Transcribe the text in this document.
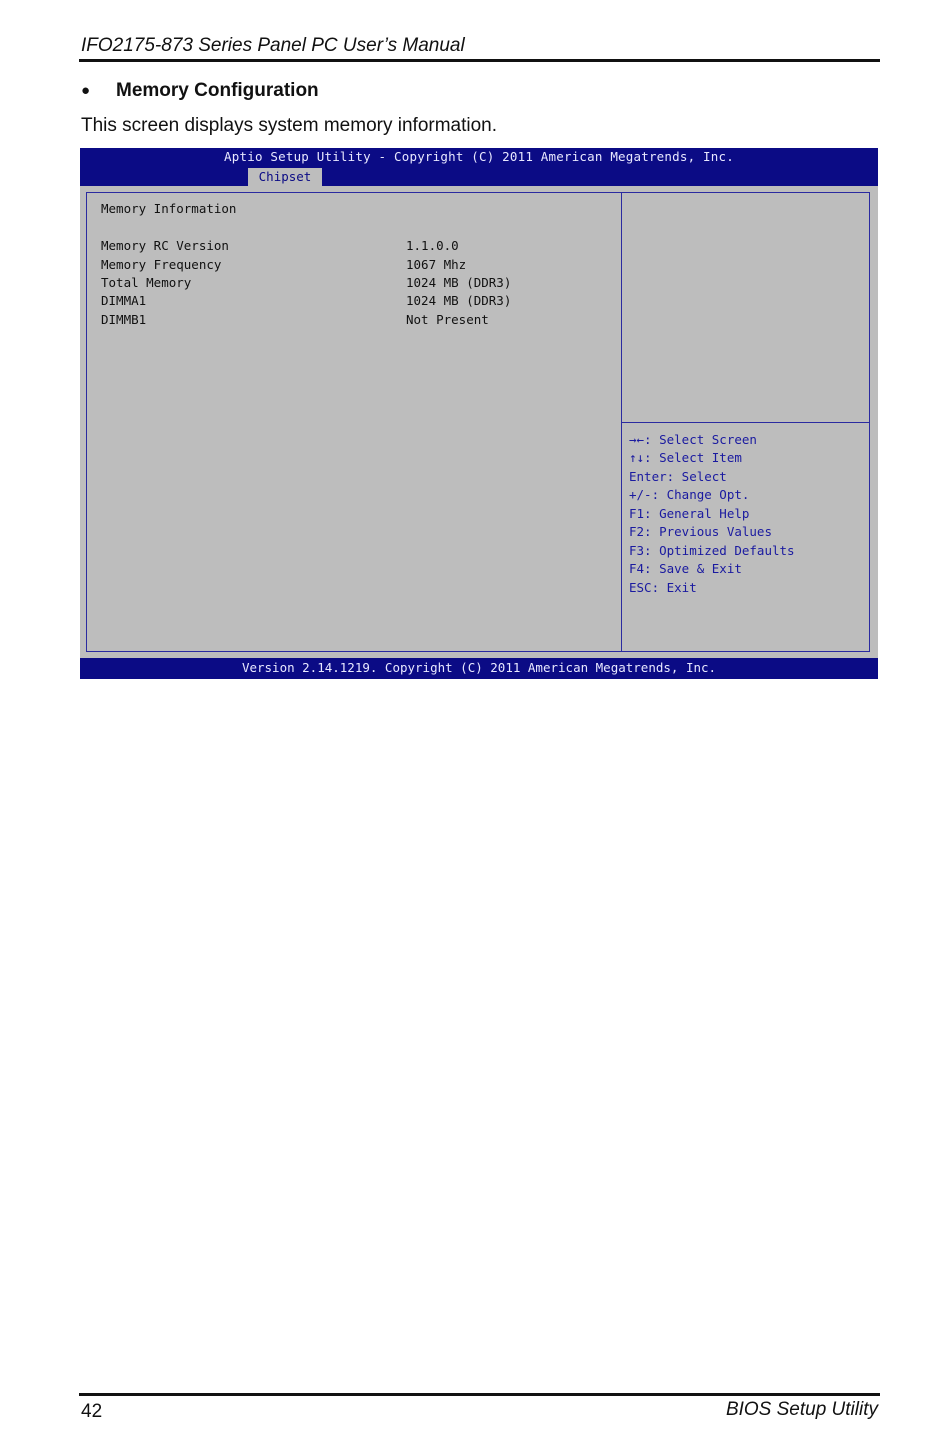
IFO2175-873 Series Panel PC User’s Manual
● Memory Configuration
This screen displays system memory information.
Aptio Setup Utility - Copyright (C) 2011 American Megatrends, Inc.
Chipset
Memory Information
Memory RC Version	1.1.0.0
Memory Frequency	1067 Mhz
Total Memory	1024 MB (DDR3)
DIMMA1	1024 MB (DDR3)
DIMMB1	Not Present
→←: Select Screen
↑↓: Select Item
Enter: Select
+/-: Change Opt.
F1: General Help
F2: Previous Values
F3: Optimized Defaults
F4: Save & Exit
ESC: Exit
Version 2.14.1219. Copyright (C) 2011 American Megatrends, Inc.
42	BIOS Setup Utility
